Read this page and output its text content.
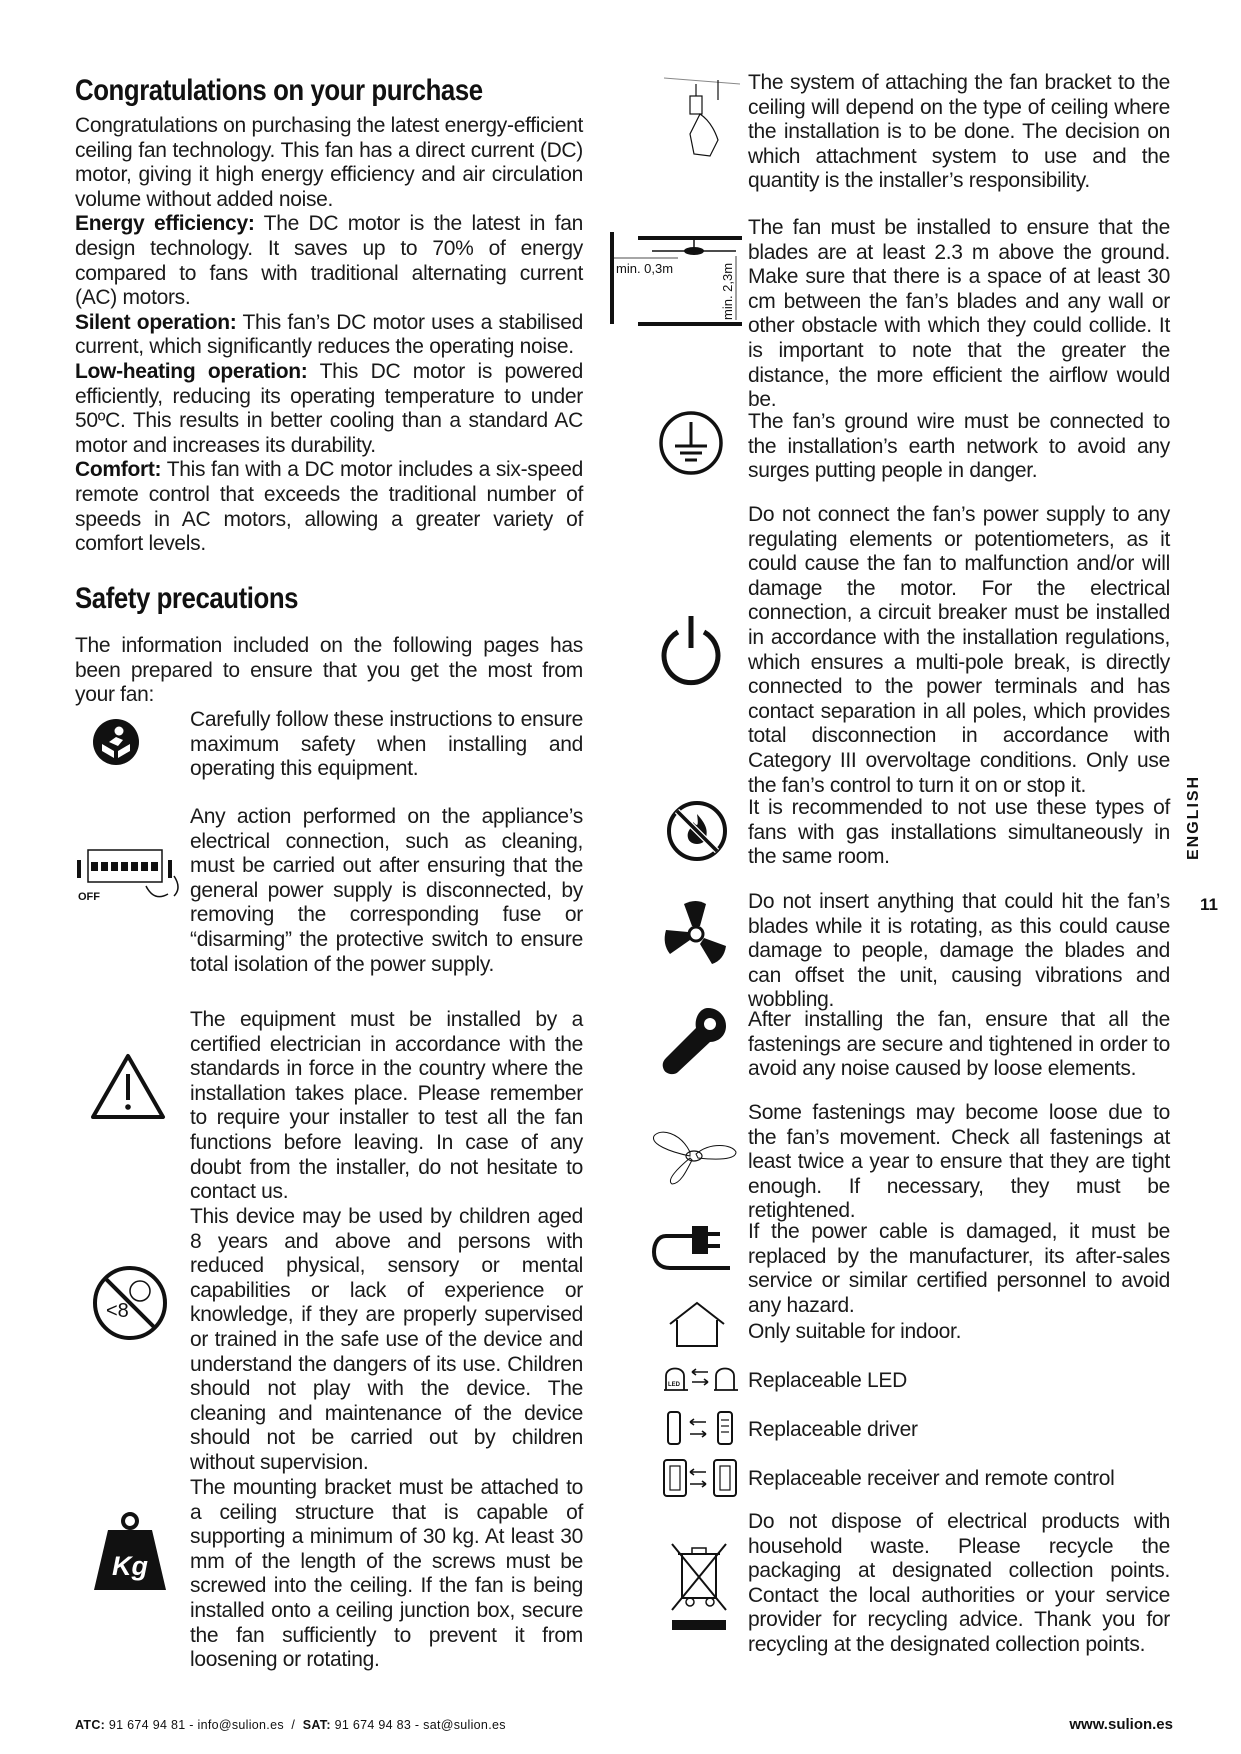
Congratulations on your purchase

Congratulations on purchasing the latest energy-efficient ceiling fan technology. This fan has a direct current (DC) motor, giving it high energy efficiency and air circulation volume without added noise.
Energy efficiency: The DC motor is the latest in fan design technology. It saves up to 70% of energy compared to fans with traditional alternating current (AC) motors.
Silent operation: This fan’s DC motor uses a stabilised current, which significantly reduces the operating noise.
Low-heating operation: This DC motor is powered efficiently, reducing its operating temperature to under 50ºC. This results in better cooling than a standard AC motor and increases its durability.
Comfort: This fan with a DC motor includes a six-speed remote control that exceeds the traditional number of speeds in AC motors, allowing a greater variety of comfort levels.

Safety precautions

The information included on the following pages has been prepared to ensure that you get the most from your fan:

Carefully follow these instructions to ensure maximum safety when installing and operating this equipment.

OFF

Any action performed on the appliance’s electrical connection, such as cleaning, must be carried out after ensuring that the general power supply is disconnected, by removing the corresponding fuse or “disarming” the protective switch to ensure total isolation of the power supply.

The equipment must be installed by a certified electrician in accordance with the standards in force in the country where the installation takes place. Please remember to require your installer to test all the fan functions before leaving. In case of any doubt from the installer, do not hesitate to contact us.

<8

This device may be used by children aged 8 years and above and persons with reduced physical, sensory or mental capabilities or lack of experience or knowledge, if they are properly supervised or trained in the safe use of the device and understand the dangers of its use. Children should not play with the device. The cleaning and maintenance of the device should not be carried out by children without supervision.

Kg

The mounting bracket must be attached to a ceiling structure that is capable of supporting a minimum of 30 kg. At least 30 mm of the length of the screws must be screwed into the ceiling. If the fan is being installed onto a ceiling junction box, secure the fan sufficiently to prevent it from loosening or rotating.

The system of attaching the fan bracket to the ceiling will depend on the type of ceiling where the installation is to be done. The decision on which attachment system to use and the quantity is the installer’s responsibility.

min. 0,3m	min. 2,3m

The fan must be installed to ensure that the blades are at least 2.3 m above the ground. Make sure that there is a space of at least 30 cm between the fan’s blades and any wall or other obstacle with which they could collide. It is important to note that the greater the distance, the more efficient the airflow would be.

The fan’s ground wire must be connected to the installation’s earth network to avoid any surges putting people in danger.

Do not connect the fan’s power supply to any regulating elements or potentiometers, as it could cause the fan to malfunction and/or will damage the motor. For the electrical connection, a circuit breaker must be installed in accordance with the installation regulations, which ensures a multi-pole break, is directly connected to the power terminals and has contact separation in all poles, which provides total disconnection in accordance with Category III overvoltage conditions. Only use the fan’s control to turn it on or stop it.

It is recommended to not use these types of fans with gas installations simultaneously in the same room.

Do not insert anything that could hit the fan’s blades while it is rotating, as this could cause damage to people, damage the blades and can offset the unit, causing vibrations and wobbling.

After installing the fan, ensure that all the fastenings are secure and tightened in order to avoid any noise caused by loose elements.

Some fastenings may become loose due to the fan’s movement. Check all fastenings at least twice a year to ensure that they are tight enough. If necessary, they must be retightened.

If the power cable is damaged, it must be replaced by the manufacturer, its after-sales service or similar certified personnel to avoid any hazard.

Only suitable for indoor.

LED	Replaceable LED

Replaceable driver

Replaceable receiver and remote control

Do not dispose of electrical products with household waste. Please recycle the packaging at designated collection points. Contact the local authorities or your service provider for recycling advice. Thank you for recycling at the designated collection points.

ENGLISH
11
ATC: 91 674 94 81 - info@sulion.es  /  SAT: 91 674 94 83 - sat@sulion.es	www.sulion.es
